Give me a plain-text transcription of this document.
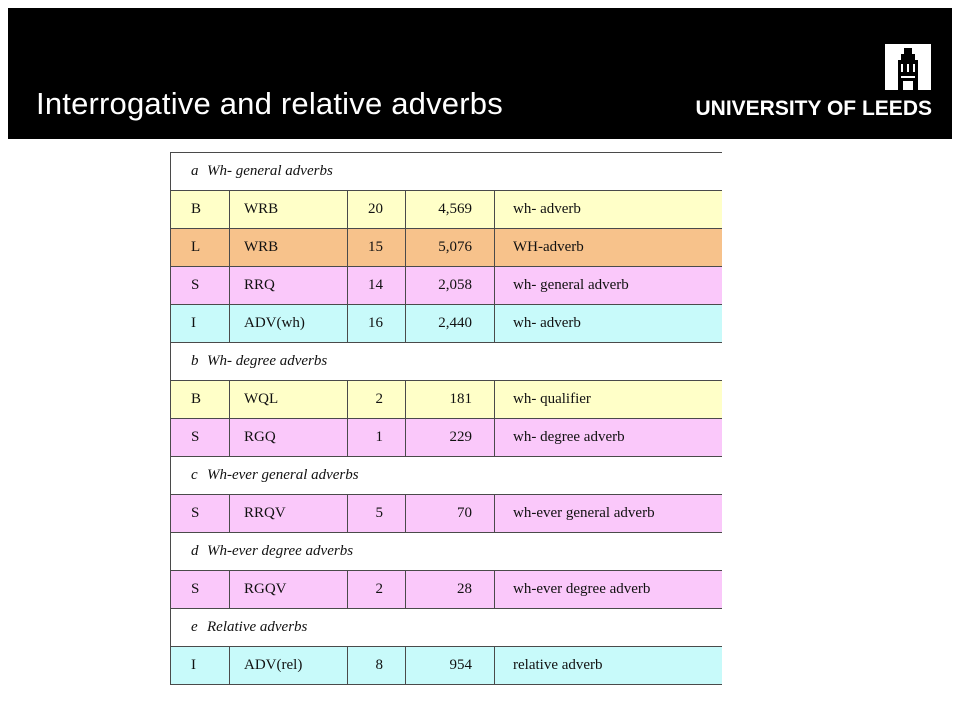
Interrogative and relative adverbs	UNIVERSITY OF LEEDS
a Wh- general adverbs				
B	WRB	20	4,569	wh- adverb
L	WRB	15	5,076	WH-adverb
S	RRQ	14	2,058	wh- general adverb
I	ADV(wh)	16	2,440	wh- adverb
b Wh- degree adverbs				
B	WQL	2	181	wh- qualifier
S	RGQ	1	229	wh- degree adverb
c Wh-ever general adverbs				
S	RRQV	5	70	wh-ever general adverb
d Wh-ever degree adverbs				
S	RGQV	2	28	wh-ever degree adverb
e Relative adverbs				
I	ADV(rel)	8	954	relative adverb
